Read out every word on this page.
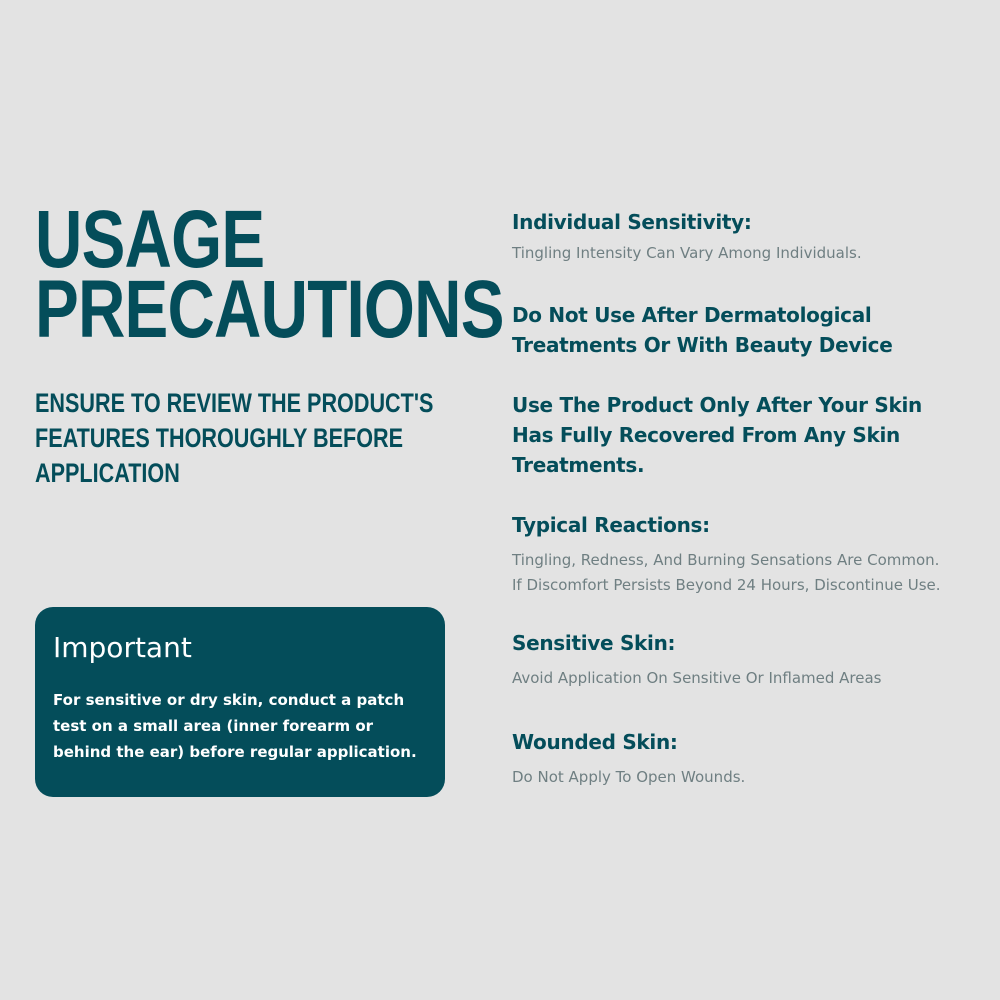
USAGE
PRECAUTIONS
ENSURE TO REVIEW THE PRODUCT'S
FEATURES THOROUGHLY BEFORE
APPLICATION

Important

For sensitive or dry skin, conduct a patch test on a small area (inner forearm or behind the ear) before regular application.

Individual Sensitivity:

Tingling Intensity Can Vary Among Individuals.

Do Not Use After Dermatological Treatments Or With Beauty Device

Use The Product Only After Your Skin Has Fully Recovered From Any Skin Treatments.

Typical Reactions:

Tingling, Redness, And Burning Sensations Are Common.
If Discomfort Persists Beyond 24 Hours, Discontinue Use.

Sensitive Skin:

Avoid Application On Sensitive Or Inflamed Areas

Wounded Skin:

Do Not Apply To Open Wounds.
